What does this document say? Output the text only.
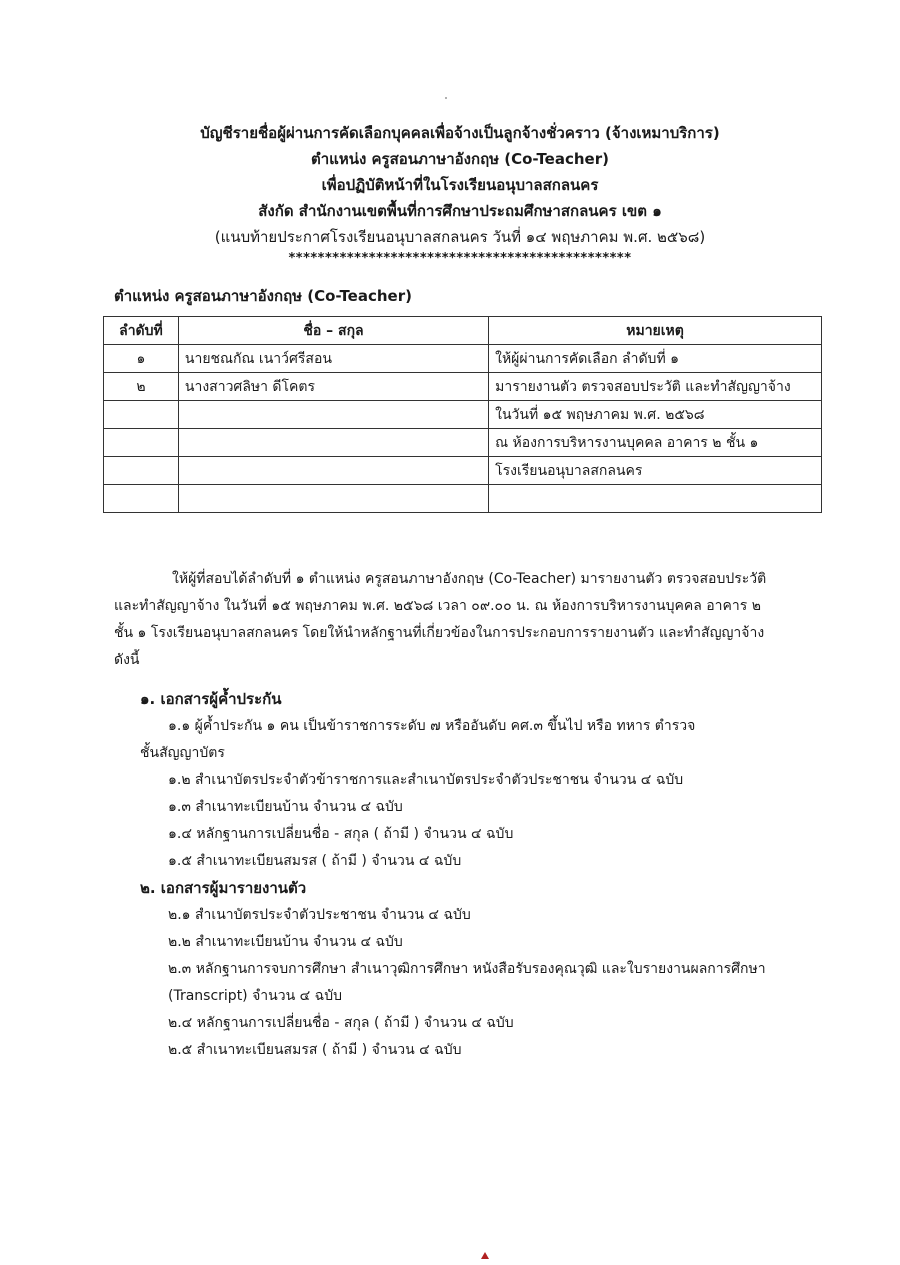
บัญชีรายชื่อผู้ผ่านการคัดเลือกบุคคลเพื่อจ้างเป็นลูกจ้างชั่วคราว (จ้างเหมาบริการ)
ตำแหน่ง ครูสอนภาษาอังกฤษ (Co-Teacher)
เพื่อปฏิบัติหน้าที่ในโรงเรียนอนุบาลสกลนคร
สังกัด สำนักงานเขตพื้นที่การศึกษาประถมศึกษาสกลนคร เขต ๑
(แนบท้ายประกาศโรงเรียนอนุบาลสกลนคร วันที่ ๑๔ พฤษภาคม พ.ศ. ๒๕๖๘)
***********************************************
ตำแหน่ง ครูสอนภาษาอังกฤษ (Co-Teacher)
ลำดับที่	ชื่อ – สกุล	หมายเหตุ
๑	นายชณกัณ เนาว์ศรีสอน	ให้ผู้ผ่านการคัดเลือก ลำดับที่ ๑
๒	นางสาวศลิษา ดีโคตร	มารายงานตัว ตรวจสอบประวัติ และทำสัญญาจ้าง
		ในวันที่ ๑๕ พฤษภาคม พ.ศ. ๒๕๖๘
		ณ ห้องการบริหารงานบุคคล อาคาร ๒ ชั้น ๑
		โรงเรียนอนุบาลสกลนคร

ให้ผู้ที่สอบได้ลำดับที่ ๑ ตำแหน่ง ครูสอนภาษาอังกฤษ (Co-Teacher) มารายงานตัว ตรวจสอบประวัติ
และทำสัญญาจ้าง ในวันที่ ๑๕ พฤษภาคม พ.ศ. ๒๕๖๘ เวลา ๐๙.๐๐ น. ณ ห้องการบริหารงานบุคคล อาคาร ๒
ชั้น ๑ โรงเรียนอนุบาลสกลนคร โดยให้นำหลักฐานที่เกี่ยวข้องในการประกอบการรายงานตัว และทำสัญญาจ้าง
ดังนี้
๑. เอกสารผู้ค้ำประกัน
๑.๑ ผู้ค้ำประกัน ๑ คน เป็นข้าราชการระดับ ๗ หรืออันดับ คศ.๓ ขึ้นไป หรือ ทหาร ตำรวจ
ชั้นสัญญาบัตร
๑.๒ สำเนาบัตรประจำตัวข้าราชการและสำเนาบัตรประจำตัวประชาชน จำนวน ๔ ฉบับ
๑.๓ สำเนาทะเบียนบ้าน จำนวน ๔ ฉบับ
๑.๔ หลักฐานการเปลี่ยนชื่อ - สกุล ( ถ้ามี ) จำนวน ๔ ฉบับ
๑.๕ สำเนาทะเบียนสมรส ( ถ้ามี ) จำนวน ๔ ฉบับ
๒. เอกสารผู้มารายงานตัว
๒.๑ สำเนาบัตรประจำตัวประชาชน จำนวน ๔ ฉบับ
๒.๒ สำเนาทะเบียนบ้าน จำนวน ๔ ฉบับ
๒.๓ หลักฐานการจบการศึกษา สำเนาวุฒิการศึกษา หนังสือรับรองคุณวุฒิ และใบรายงานผลการศึกษา
(Transcript) จำนวน ๔ ฉบับ
๒.๔ หลักฐานการเปลี่ยนชื่อ - สกุล ( ถ้ามี ) จำนวน ๔ ฉบับ
๒.๕ สำเนาทะเบียนสมรส ( ถ้ามี ) จำนวน ๔ ฉบับ
